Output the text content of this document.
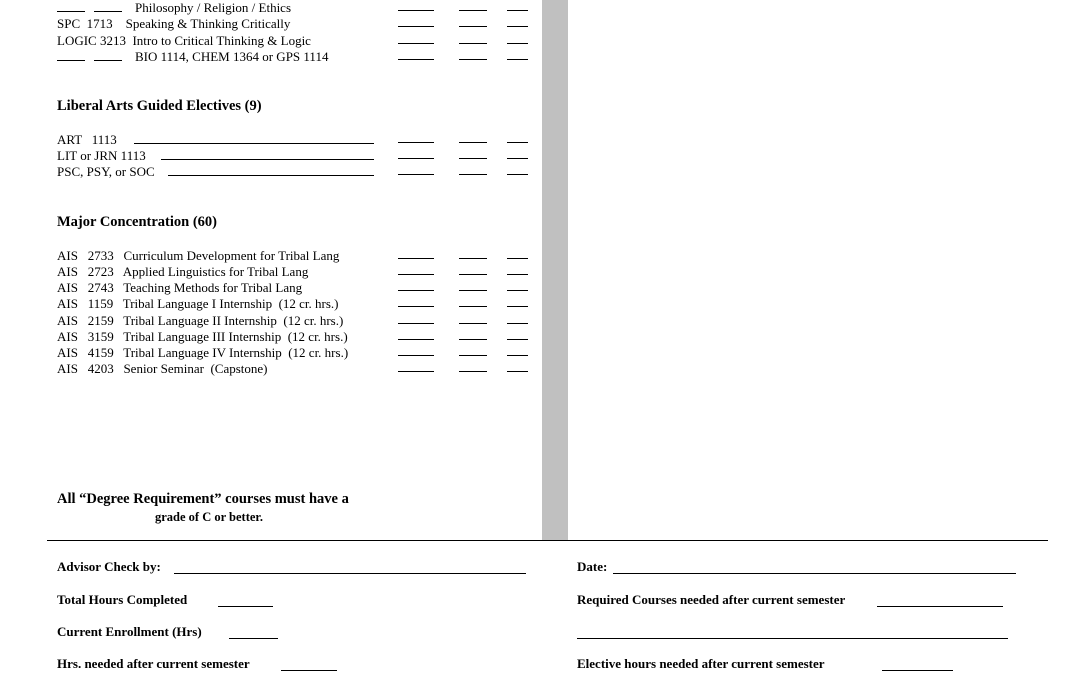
Philosophy / Religion / Ethics
SPC  1713    Speaking & Thinking Critically
LOGIC 3213  Intro to Critical Thinking & Logic
BIO 1114, CHEM 1364 or GPS 1114
Liberal Arts Guided Electives (9)
ART   1113
LIT or JRN 1113
PSC, PSY, or SOC
Major Concentration (60)
AIS   2733   Curriculum Development for Tribal Lang
AIS   2723   Applied Linguistics for Tribal Lang
AIS   2743   Teaching Methods for Tribal Lang
AIS   1159   Tribal Language I Internship  (12 cr. hrs.)
AIS   2159   Tribal Language II Internship  (12 cr. hrs.)
AIS   3159   Tribal Language III Internship  (12 cr. hrs.)
AIS   4159   Tribal Language IV Internship  (12 cr. hrs.)
AIS   4203   Senior Seminar  (Capstone)
All “Degree Requirement” courses must have a
grade of C or better.
Advisor Check by:	Date:
Total Hours Completed	Required Courses needed after current semester
Current Enrollment (Hrs)
Hrs. needed after current semester	Elective hours needed after current semester
